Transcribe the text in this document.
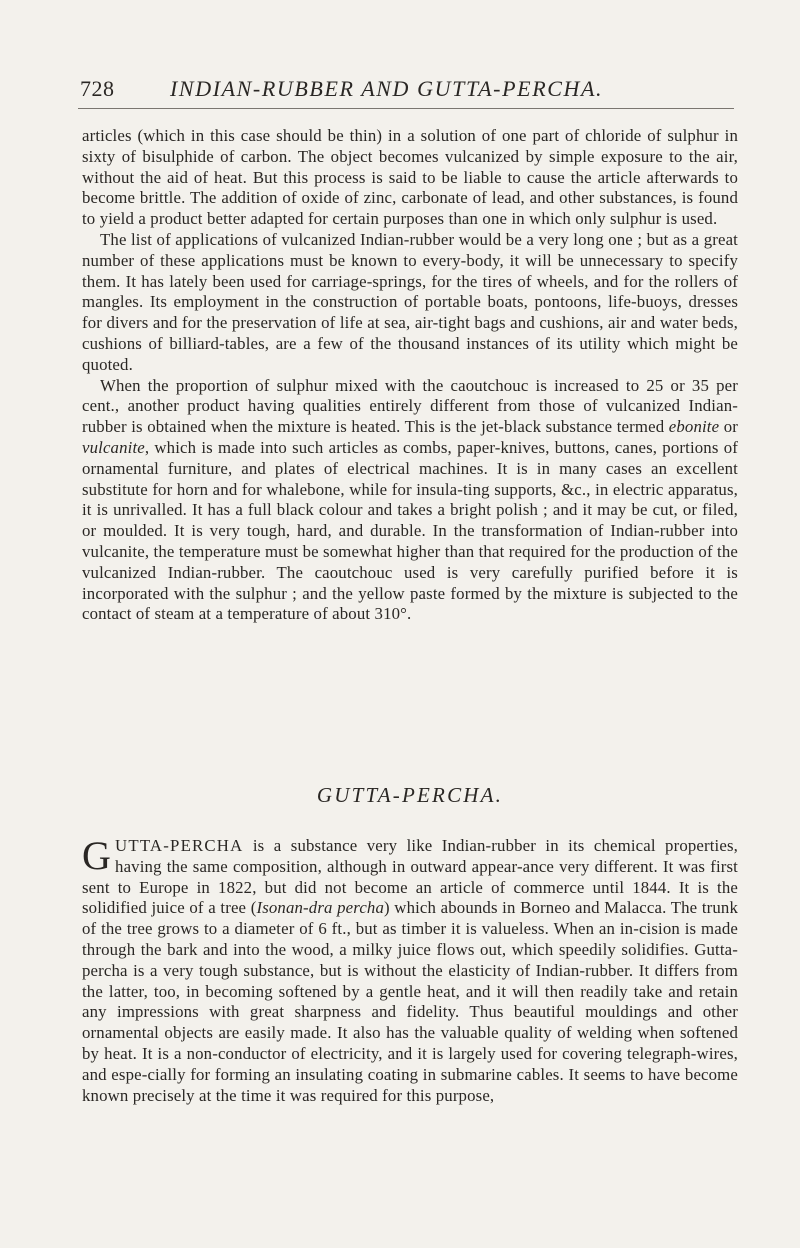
728	INDIAN-RUBBER AND GUTTA-PERCHA.

articles (which in this case should be thin) in a solution of one part of chloride of sulphur in sixty of bisulphide of carbon. The object becomes vulcanized by simple exposure to the air, without the aid of heat. But this process is said to be liable to cause the article afterwards to become brittle. The addition of oxide of zinc, carbonate of lead, and other substances, is found to yield a product better adapted for certain purposes than one in which only sulphur is used.

The list of applications of vulcanized Indian-rubber would be a very long one ; but as a great number of these applications must be known to every-body, it will be unnecessary to specify them. It has lately been used for carriage-springs, for the tires of wheels, and for the rollers of mangles. Its employment in the construction of portable boats, pontoons, life-buoys, dresses for divers and for the preservation of life at sea, air-tight bags and cushions, air and water beds, cushions of billiard-tables, are a few of the thousand instances of its utility which might be quoted.

When the proportion of sulphur mixed with the caoutchouc is increased to 25 or 35 per cent., another product having qualities entirely different from those of vulcanized Indian-rubber is obtained when the mixture is heated. This is the jet-black substance termed ebonite or vulcanite, which is made into such articles as combs, paper-knives, buttons, canes, portions of ornamental furniture, and plates of electrical machines. It is in many cases an excellent substitute for horn and for whalebone, while for insula-ting supports, &c., in electric apparatus, it is unrivalled. It has a full black colour and takes a bright polish ; and it may be cut, or filed, or moulded. It is very tough, hard, and durable. In the transformation of Indian-rubber into vulcanite, the temperature must be somewhat higher than that required for the production of the vulcanized Indian-rubber. The caoutchouc used is very carefully purified before it is incorporated with the sulphur ; and the yellow paste formed by the mixture is subjected to the contact of steam at a temperature of about 310°.

GUTTA-PERCHA.
GUTTA-PERCHA is a substance very like Indian-rubber in its chemical properties, having the same composition, although in outward appear-ance very different. It was first sent to Europe in 1822, but did not become an article of commerce until 1844. It is the solidified juice of a tree (Isonan-dra percha) which abounds in Borneo and Malacca. The trunk of the tree grows to a diameter of 6 ft., but as timber it is valueless. When an in-cision is made through the bark and into the wood, a milky juice flows out, which speedily solidifies. Gutta-percha is a very tough substance, but is without the elasticity of Indian-rubber. It differs from the latter, too, in becoming softened by a gentle heat, and it will then readily take and retain any impressions with great sharpness and fidelity. Thus beautiful mouldings and other ornamental objects are easily made. It also has the valuable quality of welding when softened by heat. It is a non-conductor of electricity, and it is largely used for covering telegraph-wires, and espe-cially for forming an insulating coating in submarine cables. It seems to have become known precisely at the time it was required for this purpose,
